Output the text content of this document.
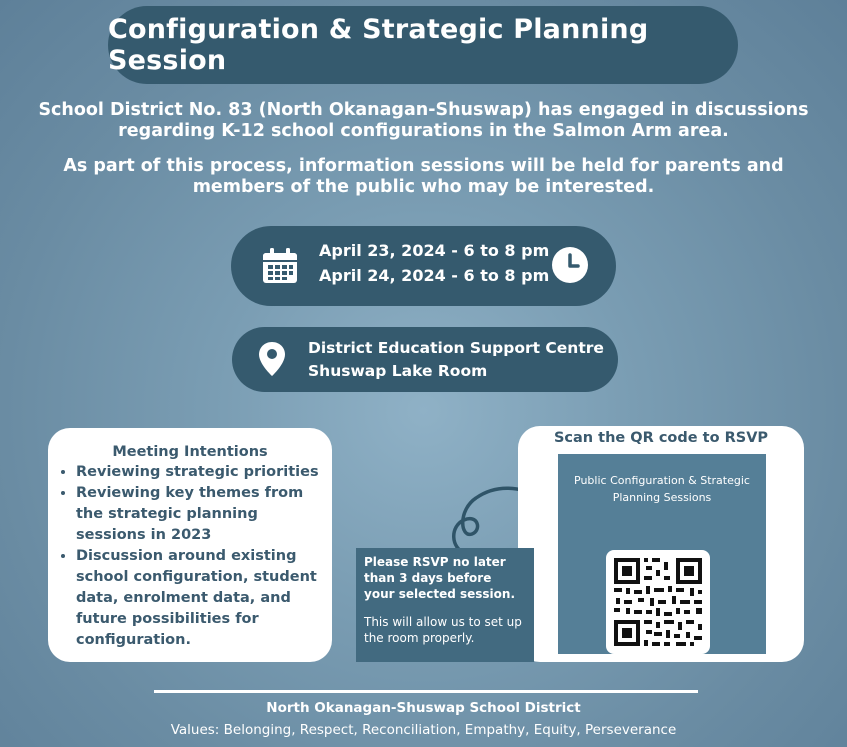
Configuration & Strategic Planning Session
School District No. 83 (North Okanagan-Shuswap) has engaged in discussions
regarding K-12 school configurations in the Salmon Arm area.
As part of this process, information sessions will be held for parents and
members of the public who may be interested.
April 23, 2024 - 6 to 8 pm
April 24, 2024 - 6 to 8 pm
District Education Support Centre
Shuswap Lake Room
Meeting Intentions
• Reviewing strategic priorities
• Reviewing key themes from the strategic planning sessions in 2023
• Discussion around existing school configuration, student data, enrolment data, and future possibilities for configuration.
Scan the QR code to RSVP
Public Configuration & Strategic
Planning Sessions
Please RSVP no later than 3 days before your selected session.
This will allow us to set up the room properly.
North Okanagan-Shuswap School District
Values: Belonging, Respect, Reconciliation, Empathy, Equity, Perseverance
